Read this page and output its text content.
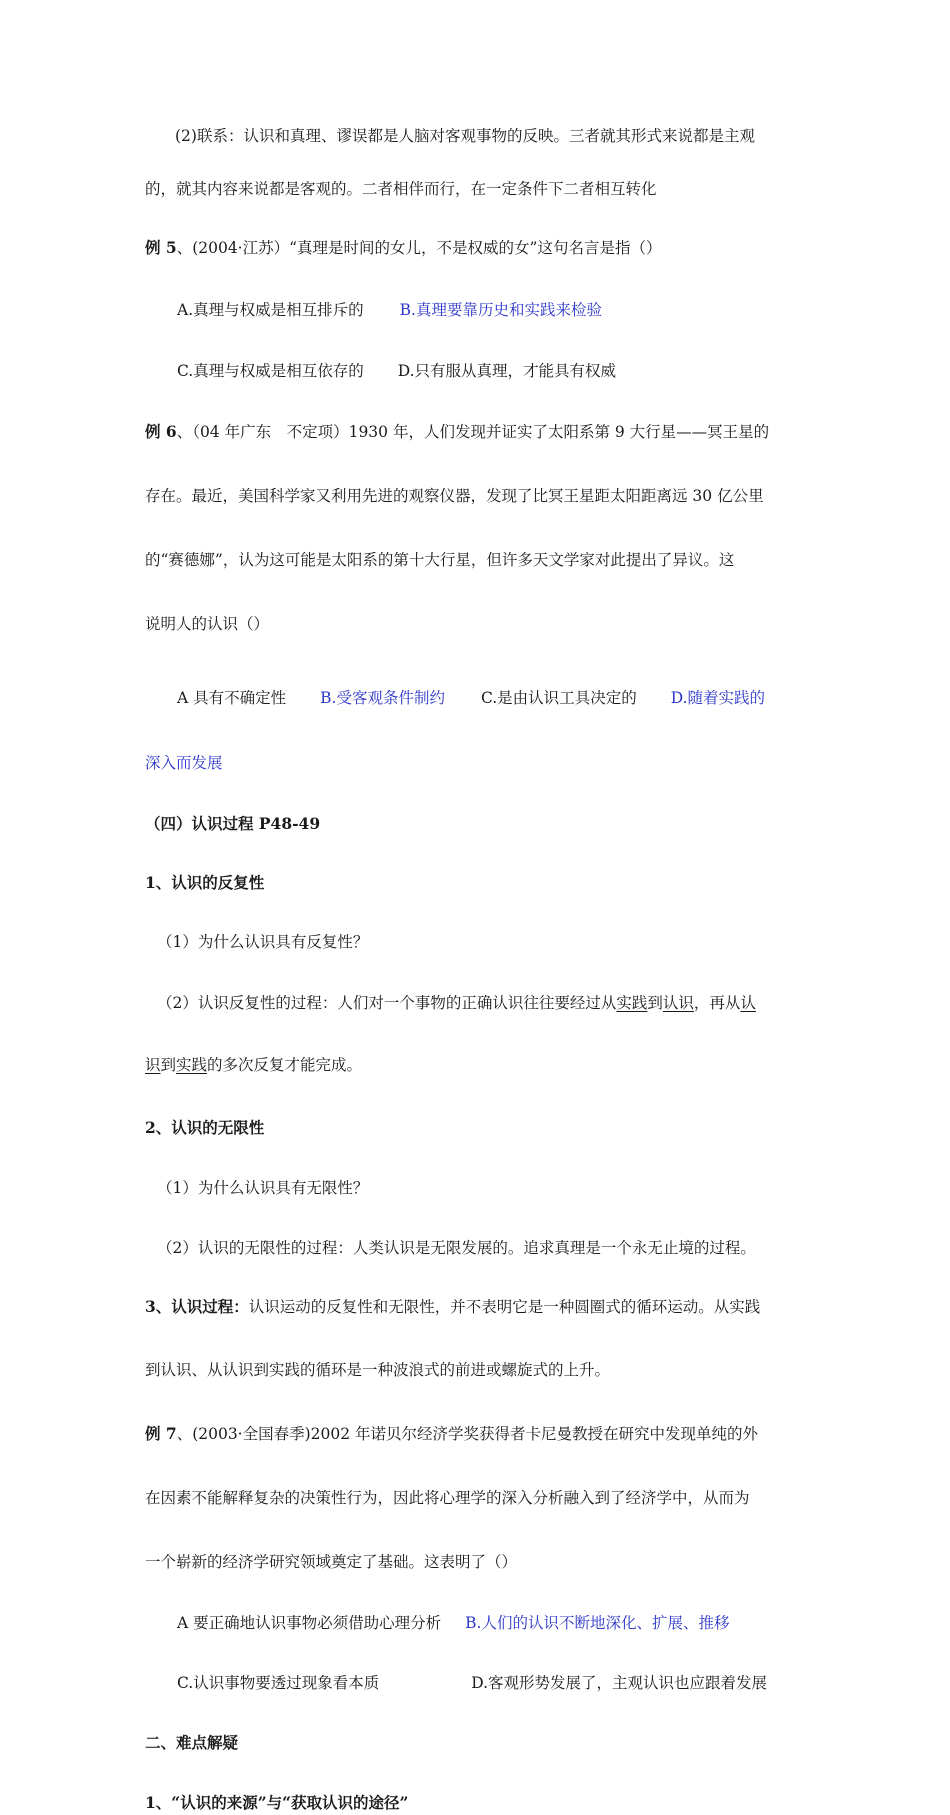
(2)联系：认识和真理、谬误都是人脑对客观事物的反映。三者就其形式来说都是主观
的，就其内容来说都是客观的。二者相伴而行，在一定条件下二者相互转化
例 5、(2004·江苏）“真理是时间的女儿，不是权威的女”这句名言是指（）
A.真理与权威是相互排斥的 B.真理要靠历史和实践来检验
C.真理与权威是相互依存的 D.只有服从真理，才能具有权威
例 6、（04 年广东　不定项）1930 年，人们发现并证实了太阳系第 9 大行星——冥王星的
存在。最近，美国科学家又利用先进的观察仪器，发现了比冥王星距太阳距离远 30 亿公里
的“赛德娜”，认为这可能是太阳系的第十大行星，但许多天文学家对此提出了异议。这
说明人的认识（）
A 具有不确定性 B.受客观条件制约 C.是由认识工具决定的 D.随着实践的
深入而发展
（四）认识过程 P48-49
1、认识的反复性
（1）为什么认识具有反复性？
（2）认识反复性的过程：人们对一个事物的正确认识往往要经过从实践到认识，再从认
识到实践的多次反复才能完成。
2、认识的无限性
（1）为什么认识具有无限性？
（2）认识的无限性的过程：人类认识是无限发展的。追求真理是一个永无止境的过程。
3、认识过程：认识运动的反复性和无限性，并不表明它是一种圆圈式的循环运动。从实践
到认识、从认识到实践的循环是一种波浪式的前进或螺旋式的上升。
例 7、(2003·全国春季)2002 年诺贝尔经济学奖获得者卡尼曼教授在研究中发现单纯的外
在因素不能解释复杂的决策性行为，因此将心理学的深入分析融入到了经济学中，从而为
一个崭新的经济学研究领域奠定了基础。这表明了（）
A 要正确地认识事物必须借助心理分析 B.人们的认识不断地深化、扩展、推移
C.认识事物要透过现象看本质	D.客观形势发展了，主观认识也应跟着发展
二、难点解疑
1、“认识的来源”与“获取认识的途径”
